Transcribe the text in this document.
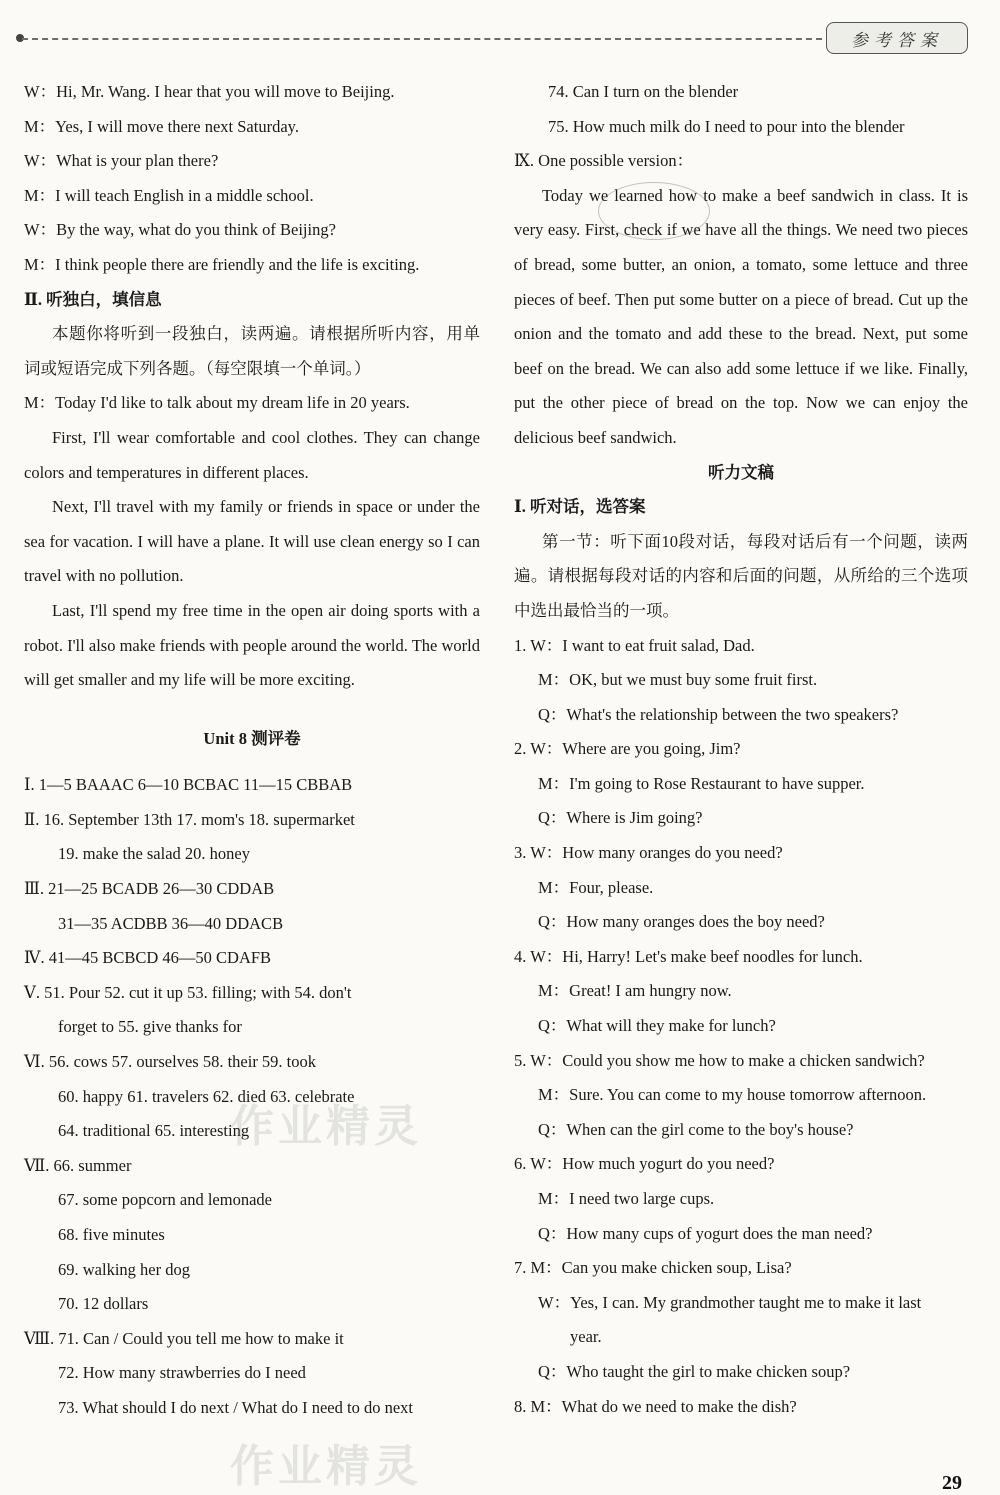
参考答案
W：Hi, Mr. Wang. I hear that you will move to Beijing.
M：Yes, I will move there next Saturday.
W：What is your plan there?
M：I will teach English in a middle school.
W：By the way, what do you think of Beijing?
M：I think people there are friendly and the life is exciting.
Ⅱ. 听独白，填信息
本题你将听到一段独白，读两遍。请根据所听内容，用单词或短语完成下列各题。（每空限填一个单词。）
M：Today I'd like to talk about my dream life in 20 years.
First, I'll wear comfortable and cool clothes. They can change colors and temperatures in different places.
Next, I'll travel with my family or friends in space or under the sea for vacation. I will have a plane. It will use clean energy so I can travel with no pollution.
Last, I'll spend my free time in the open air doing sports with a robot. I'll also make friends with people around the world. The world will get smaller and my life will be more exciting.
Unit 8 测评卷
Ⅰ. 1—5 BAAAC 6—10 BCBAC 11—15 CBBAB
Ⅱ. 16. September 13th 17. mom's 18. supermarket
19. make the salad 20. honey
Ⅲ. 21—25 BCADB 26—30 CDDAB
31—35 ACDBB 36—40 DDACB
Ⅳ. 41—45 BCBCD 46—50 CDAFB
Ⅴ. 51. Pour 52. cut it up 53. filling; with 54. don't
forget to 55. give thanks for
Ⅵ. 56. cows 57. ourselves 58. their 59. took
60. happy 61. travelers 62. died 63. celebrate
64. traditional 65. interesting
Ⅶ. 66. summer
67. some popcorn and lemonade
68. five minutes
69. walking her dog
70. 12 dollars
Ⅷ. 71. Can / Could you tell me how to make it
72. How many strawberries do I need
73. What should I do next / What do I need to do next
74. Can I turn on the blender
75. How much milk do I need to pour into the blender
Ⅸ. One possible version：
Today we learned how to make a beef sandwich in class. It is very easy. First, check if we have all the things. We need two pieces of bread, some butter, an onion, a tomato, some lettuce and three pieces of beef. Then put some butter on a piece of bread. Cut up the onion and the tomato and add these to the bread. Next, put some beef on the bread. We can also add some lettuce if we like. Finally, put the other piece of bread on the top. Now we can enjoy the delicious beef sandwich.
听力文稿
Ⅰ. 听对话，选答案
第一节：听下面10段对话，每段对话后有一个问题，读两遍。请根据每段对话的内容和后面的问题，从所给的三个选项中选出最恰当的一项。
1. W：I want to eat fruit salad, Dad.
M：OK, but we must buy some fruit first.
Q：What's the relationship between the two speakers?
2. W：Where are you going, Jim?
M：I'm going to Rose Restaurant to have supper.
Q：Where is Jim going?
3. W：How many oranges do you need?
M：Four, please.
Q：How many oranges does the boy need?
4. W：Hi, Harry! Let's make beef noodles for lunch.
M：Great! I am hungry now.
Q：What will they make for lunch?
5. W：Could you show me how to make a chicken sandwich?
M：Sure. You can come to my house tomorrow afternoon.
Q：When can the girl come to the boy's house?
6. W：How much yogurt do you need?
M：I need two large cups.
Q：How many cups of yogurt does the man need?
7. M：Can you make chicken soup, Lisa?
W：Yes, I can. My grandmother taught me to make it last
year.
Q：Who taught the girl to make chicken soup?
8. M：What do we need to make the dish?
作业精灵
作业精灵	29
